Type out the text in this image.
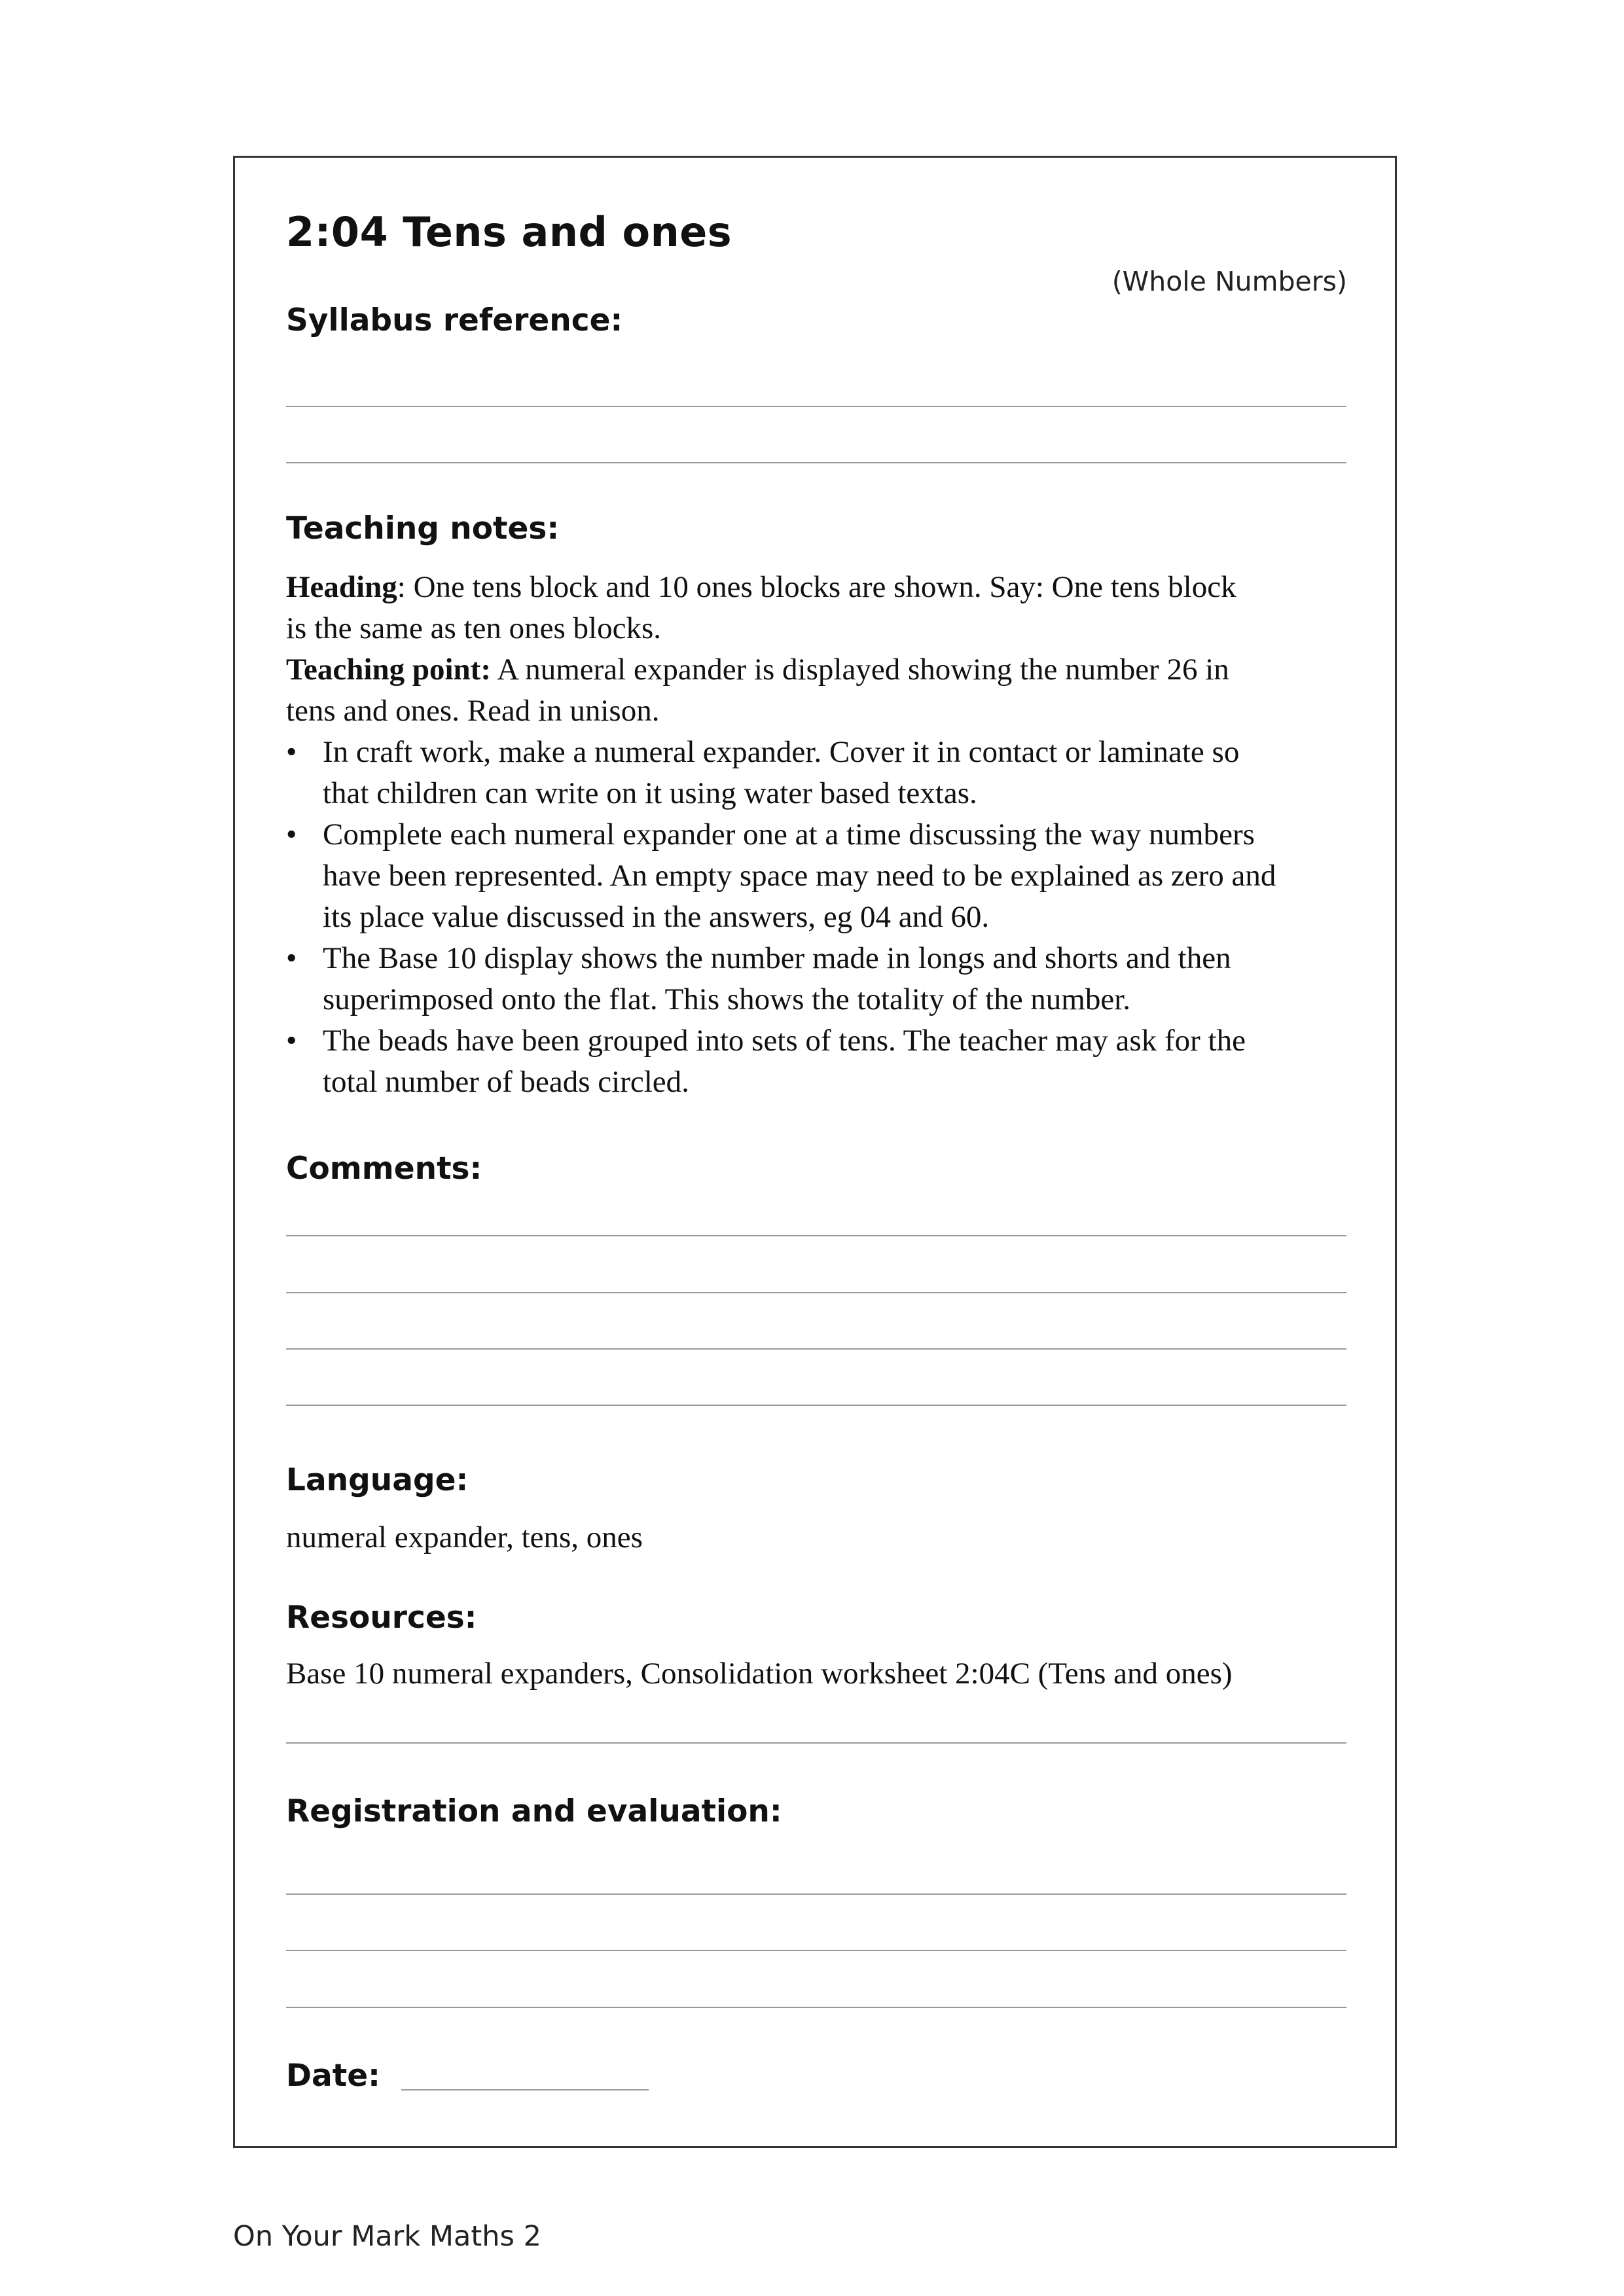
2:04 Tens and ones
(Whole Numbers)
Syllabus reference:
Teaching notes:

Heading: One tens block and 10 ones blocks are shown. Say: One tens block

is the same as ten ones blocks.

Teaching point: A numeral expander is displayed showing the number 26 in

tens and ones. Read in unison.

• In craft work, make a numeral expander. Cover it in contact or laminate so
that children can write on it using water based textas.
• Complete each numeral expander one at a time discussing the way numbers
have been represented. An empty space may need to be explained as zero and
its place value discussed in the answers, eg 04 and 60.
• The Base 10 display shows the number made in longs and shorts and then
superimposed onto the flat. This shows the totality of the number.
• The beads have been grouped into sets of tens. The teacher may ask for the
total number of beads circled.
Comments:
Language:
numeral expander, tens, ones
Resources:
Base 10 numeral expanders, Consolidation worksheet 2:04C (Tens and ones)
Registration and evaluation:
Date:
On Your Mark Maths 2
